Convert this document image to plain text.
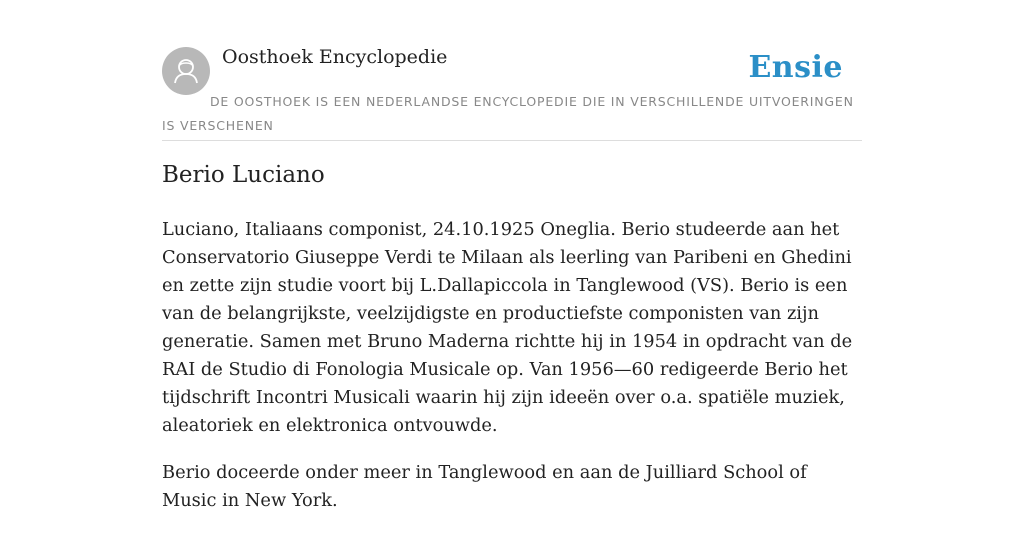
Oosthoek Encyclopedie	Ensie
DE OOSTHOEK IS EEN NEDERLANDSE ENCYCLOPEDIE DIE IN VERSCHILLENDE UITVOERINGEN IS VERSCHENEN
Berio Luciano

Luciano, Italiaans componist, 24.10.1925 Oneglia. Berio studeerde aan het Conservatorio Giuseppe Verdi te Milaan als leerling van Paribeni en Ghedini en zette zijn studie voort bij L.Dallapiccola in Tanglewood (VS). Berio is een van de belangrijkste, veelzijdigste en productiefste componisten van zijn generatie. Samen met Bruno Maderna richtte hij in 1954 in opdracht van de RAI de Studio di Fonologia Musicale op. Van 1956—60 redigeerde Berio het tijdschrift Incontri Musicali waarin hij zijn ideeën over o.a. spatiële muziek, aleatoriek en elektronica ontvouwde.

Berio doceerde onder meer in Tanglewood en aan de Juilliard School of Music in New York.
